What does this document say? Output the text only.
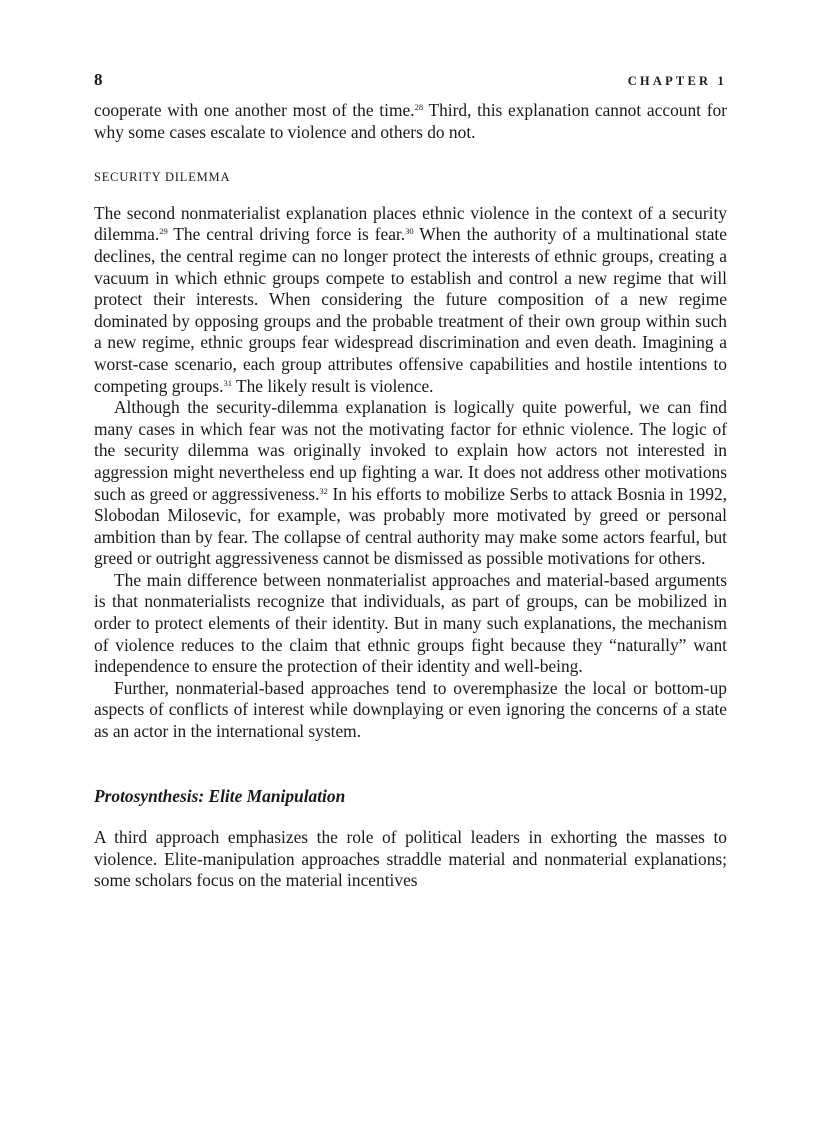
8	CHAPTER 1

cooperate with one another most of the time.$^{28}$ Third, this explanation cannot account for why some cases escalate to violence and others do not.

SECURITY DILEMMA

The second nonmaterialist explanation places ethnic violence in the context of a security dilemma.$^{29}$ The central driving force is fear.$^{30}$ When the authority of a multinational state declines, the central regime can no longer protect the interests of ethnic groups, creating a vacuum in which ethnic groups compete to establish and control a new regime that will protect their interests. When considering the future composition of a new regime dominated by opposing groups and the probable treatment of their own group within such a new regime, ethnic groups fear widespread discrimination and even death. Imagining a worst-case scenario, each group attributes offensive capabilities and hostile intentions to competing groups.$^{31}$ The likely result is violence.

Although the security-dilemma explanation is logically quite powerful, we can find many cases in which fear was not the motivating factor for ethnic violence. The logic of the security dilemma was originally invoked to explain how actors not interested in aggression might nevertheless end up fighting a war. It does not address other motivations such as greed or aggressiveness.$^{32}$ In his efforts to mobilize Serbs to attack Bosnia in 1992, Slobodan Milosevic, for example, was probably more motivated by greed or personal ambition than by fear. The collapse of central authority may make some actors fearful, but greed or outright aggressiveness cannot be dismissed as possible motivations for others.

The main difference between nonmaterialist approaches and material-based arguments is that nonmaterialists recognize that individuals, as part of groups, can be mobilized in order to protect elements of their identity. But in many such explanations, the mechanism of violence reduces to the claim that ethnic groups fight because they “naturally” want independence to ensure the protection of their identity and well-being.

Further, nonmaterial-based approaches tend to overemphasize the local or bottom-up aspects of conflicts of interest while downplaying or even ignoring the concerns of a state as an actor in the international system.

Protosynthesis: Elite Manipulation

A third approach emphasizes the role of political leaders in exhorting the masses to violence. Elite-manipulation approaches straddle material and nonmaterial explanations; some scholars focus on the material incentives
